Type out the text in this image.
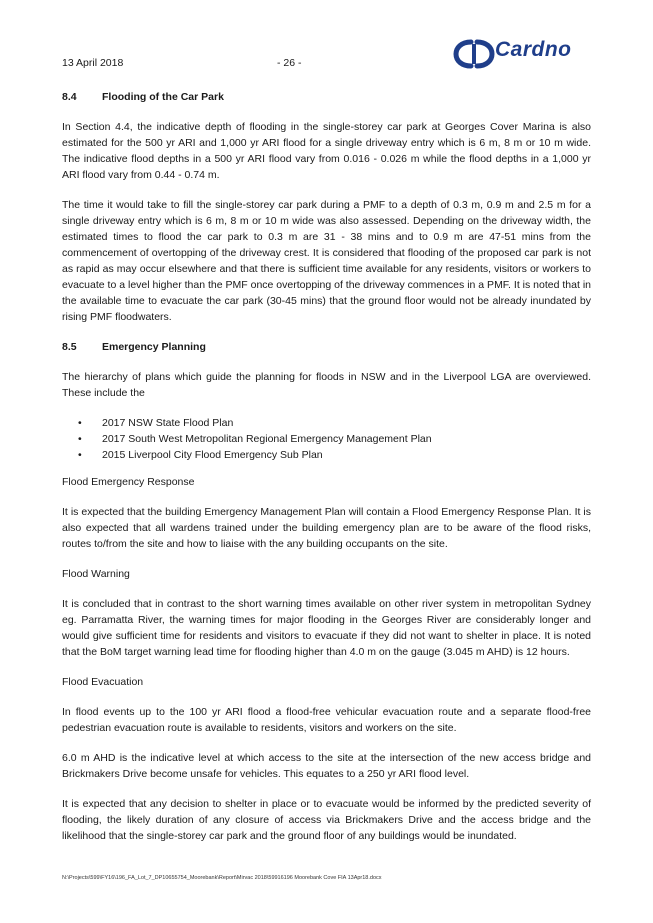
13 April 2018	- 26 -
Cardno
8.4	Flooding of the Car Park

In Section 4.4, the indicative depth of flooding in the single-storey car park at Georges Cover Marina is also estimated for the 500 yr ARI and 1,000 yr ARI flood for a single driveway entry which is 6 m, 8 m or 10 m wide. The indicative flood depths in a 500 yr ARI flood vary from 0.016 - 0.026 m while the flood depths in a 1,000 yr ARI flood vary from 0.44 - 0.74 m.

The time it would take to fill the single-storey car park during a PMF to a depth of 0.3 m, 0.9 m and 2.5 m for a single driveway entry which is 6 m, 8 m or 10 m wide was also assessed. Depending on the driveway width, the estimated times to flood the car park to 0.3 m are 31 - 38 mins and to 0.9 m are 47-51 mins from the commencement of overtopping of the driveway crest. It is considered that flooding of the proposed car park is not as rapid as may occur elsewhere and that there is sufficient time available for any residents, visitors or workers to evacuate to a level higher than the PMF once overtopping of the driveway commences in a PMF. It is noted that in the available time to evacuate the car park (30-45 mins) that the ground floor would not be already inundated by rising PMF floodwaters.

8.5	Emergency Planning

The hierarchy of plans which guide the planning for floods in NSW and in the Liverpool LGA are overviewed. These include the

• 2017 NSW State Flood Plan
• 2017 South West Metropolitan Regional Emergency Management Plan
• 2015 Liverpool City Flood Emergency Sub Plan
Flood Emergency Response

It is expected that the building Emergency Management Plan will contain a Flood Emergency Response Plan. It is also expected that all wardens trained under the building emergency plan are to be aware of the flood risks, routes to/from the site and how to liaise with the any building occupants on the site.

Flood Warning

It is concluded that in contrast to the short warning times available on other river system in metropolitan Sydney eg. Parramatta River, the warning times for major flooding in the Georges River are considerably longer and would give sufficient time for residents and visitors to evacuate if they did not want to shelter in place. It is noted that the BoM target warning lead time for flooding higher than 4.0 m on the gauge (3.045 m AHD) is 12 hours.

Flood Evacuation

In flood events up to the 100 yr ARI flood a flood-free vehicular evacuation route and a separate flood-free pedestrian evacuation route is available to residents, visitors and workers on the site.

6.0 m AHD is the indicative level at which access to the site at the intersection of the new access bridge and Brickmakers Drive become unsafe for vehicles. This equates to a 250 yr ARI flood level.

It is expected that any decision to shelter in place or to evacuate would be informed by the predicted severity of flooding, the likely duration of any closure of access via Brickmakers Drive and the access bridge and the likelihood that the single-storey car park and the ground floor of any buildings would be inundated.

N:\Projects\599\FY16\196_FA_Lot_7_DP10655754_Moorebank\Report\Mirvac 2018\59916196 Moorebank Cove FIA 13Apr18.docx
